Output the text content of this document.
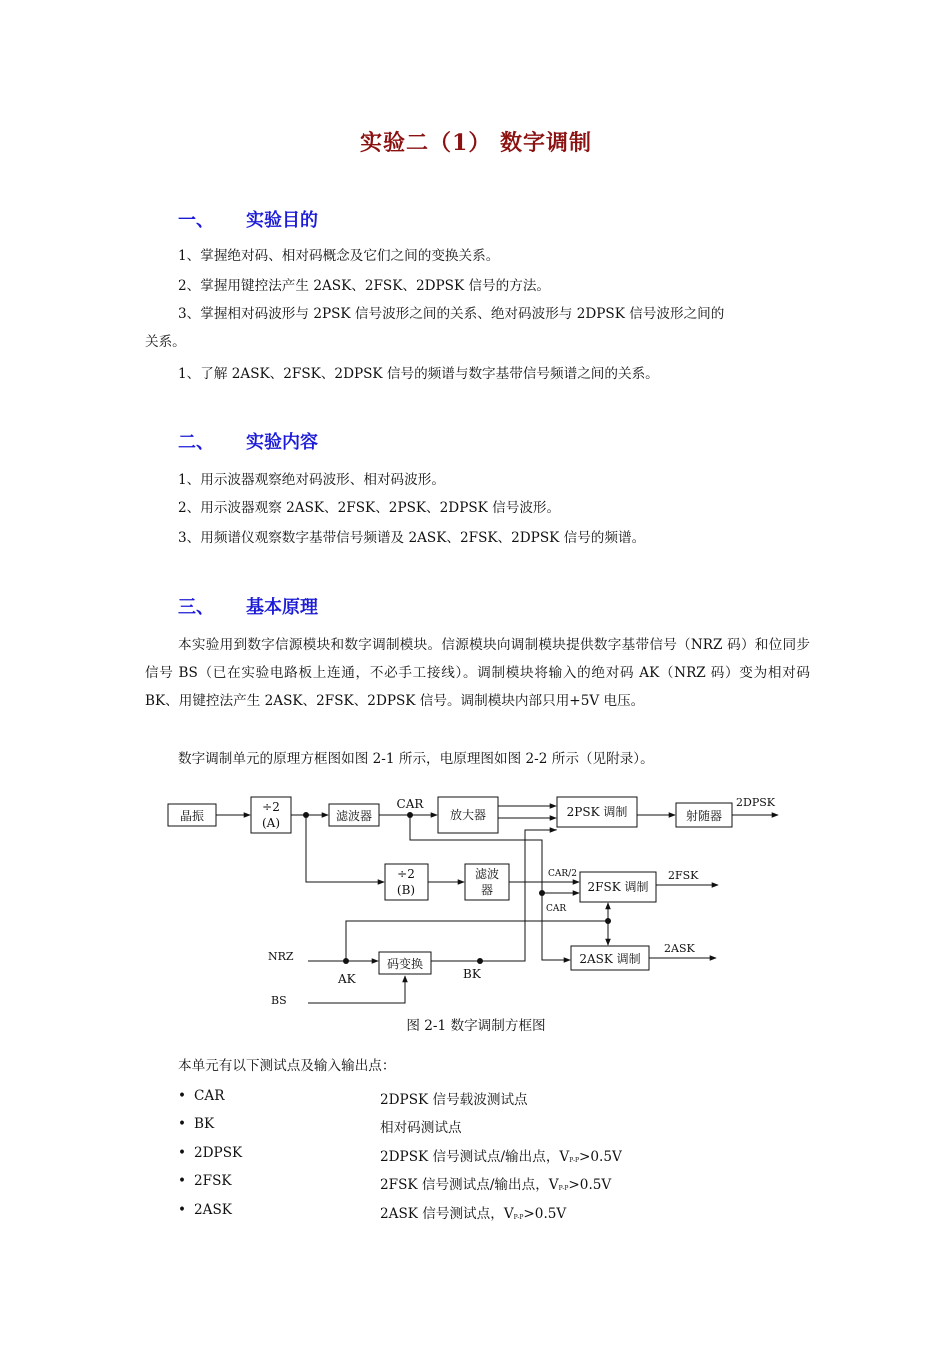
实验二（1） 数字调制
一、 实验目的
1、掌握绝对码、相对码概念及它们之间的变换关系。
2、掌握用键控法产生 2ASK、2FSK、2DPSK 信号的方法。
3、掌握相对码波形与 2PSK 信号波形之间的关系、绝对码波形与 2DPSK 信号波形之间的
关系。
1、了解 2ASK、2FSK、2DPSK 信号的频谱与数字基带信号频谱之间的关系。
二、 实验内容
1、用示波器观察绝对码波形、相对码波形。
2、用示波器观察 2ASK、2FSK、2PSK、2DPSK 信号波形。
3、用频谱仪观察数字基带信号频谱及 2ASK、2FSK、2DPSK 信号的频谱。
三、 基本原理
本实验用到数字信源模块和数字调制模块。信源模块向调制模块提供数字基带信号（NRZ 码）和位同步信号 BS（已在实验电路板上连通，不必手工接线）。调制模块将输入的绝对码 AK（NRZ 码）变为相对码 BK、用键控法产生 2ASK、2FSK、2DPSK 信号。调制模块内部只用+5V 电压。
数字调制单元的原理方框图如图 2-1 所示，电原理图如图 2-2 所示（见附录）。
晶振
÷2
(A)	滤波器
CAR
放大器	2PSK 调制	射随器
2DPSK
÷2
(B)
滤波
器
CAR/2
CAR
2FSK 调制
2FSK
2ASK 调制
2ASK
NRZ
码变换
AK	BK
BS
图 2-1 数字调制方框图
本单元有以下测试点及输入输出点：
• CAR	2DPSK 信号载波测试点
• BK	相对码测试点
• 2DPSK	2DPSK 信号测试点/输出点，VP-P>0.5V
• 2FSK	2FSK 信号测试点/输出点，VP-P>0.5V
• 2ASK	2ASK 信号测试点，VP-P>0.5V
